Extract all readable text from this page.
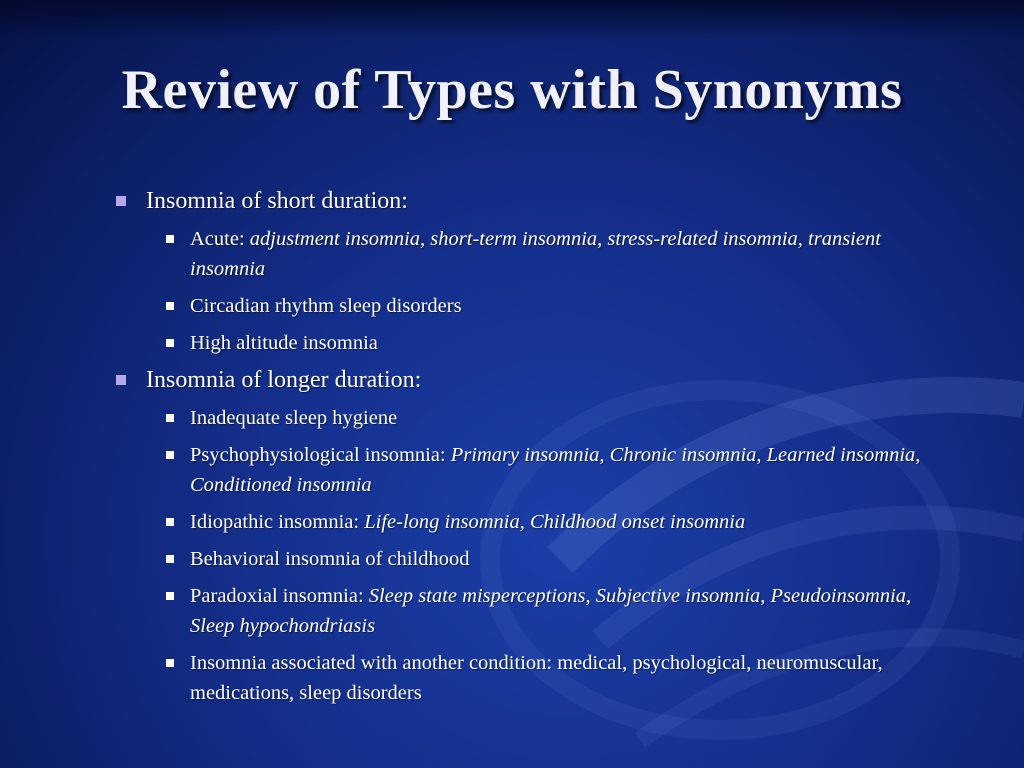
Review of Types with Synonyms
Insomnia of short duration:
Acute: adjustment insomnia, short-term insomnia, stress-related insomnia, transient insomnia
Circadian rhythm sleep disorders
High altitude insomnia
Insomnia of longer duration:
Inadequate sleep hygiene
Psychophysiological insomnia: Primary insomnia, Chronic insomnia, Learned insomnia, Conditioned insomnia
Idiopathic insomnia: Life-long insomnia, Childhood onset insomnia
Behavioral insomnia of childhood
Paradoxial insomnia: Sleep state misperceptions, Subjective insomnia, Pseudoinsomnia, Sleep hypochondriasis
Insomnia associated with another condition: medical, psychological, neuromuscular, medications, sleep disorders
